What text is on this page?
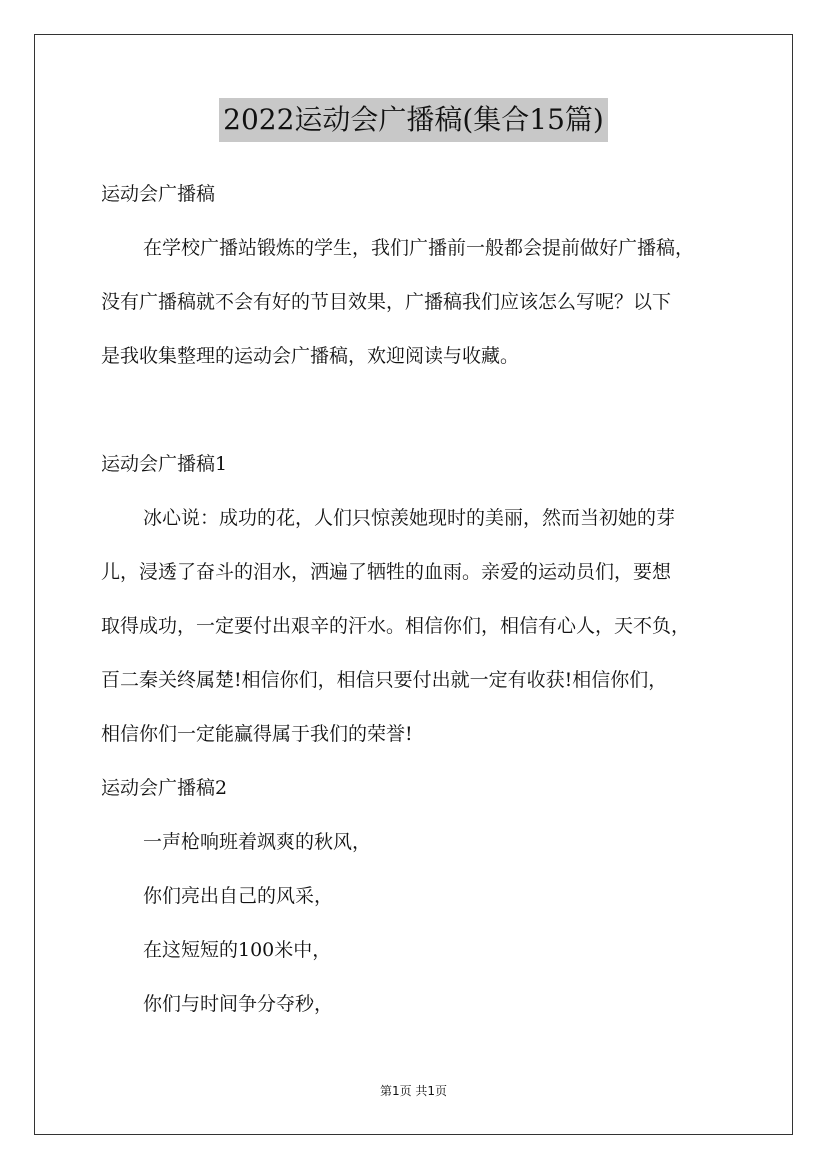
2022运动会广播稿(集合15篇)
运动会广播稿
在学校广播站锻炼的学生，我们广播前一般都会提前做好广播稿，
没有广播稿就不会有好的节目效果，广播稿我们应该怎么写呢？以下
是我收集整理的运动会广播稿，欢迎阅读与收藏。
运动会广播稿1
冰心说：成功的花，人们只惊羡她现时的美丽，然而当初她的芽
儿，浸透了奋斗的泪水，洒遍了牺牲的血雨。亲爱的运动员们，要想
取得成功，一定要付出艰辛的汗水。相信你们，相信有心人，天不负，
百二秦关终属楚!相信你们，相信只要付出就一定有收获!相信你们，
相信你们一定能赢得属于我们的荣誉!
运动会广播稿2
一声枪响班着飒爽的秋风，
你们亮出自己的风采，
在这短短的100米中，
你们与时间争分夺秒，
第1页 共1页
